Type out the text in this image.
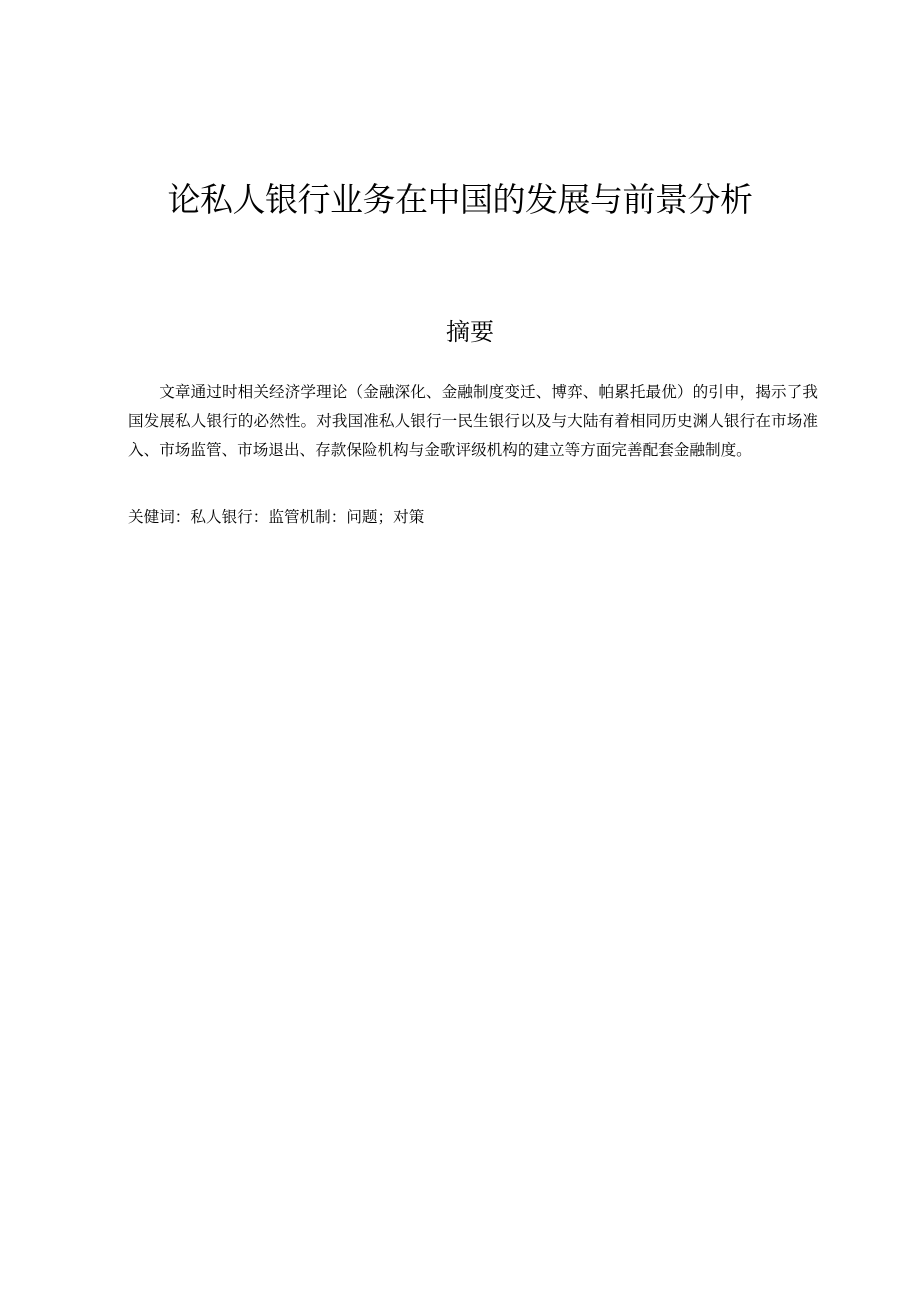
论私人银行业务在中国的发展与前景分析
摘要

文章通过时相关经济学理论（金融深化、金融制度变迁、博弈、帕累托最优）的引申，揭示了我国发展私人银行的必然性。对我国准私人银行一民生银行以及与大陆有着相同历史渊人银行在市场准入、市场监管、市场退出、存款保险机构与金歌评级机构的建立等方面完善配套金融制度。

关健词：私人银行：监管机制：问题；对策
